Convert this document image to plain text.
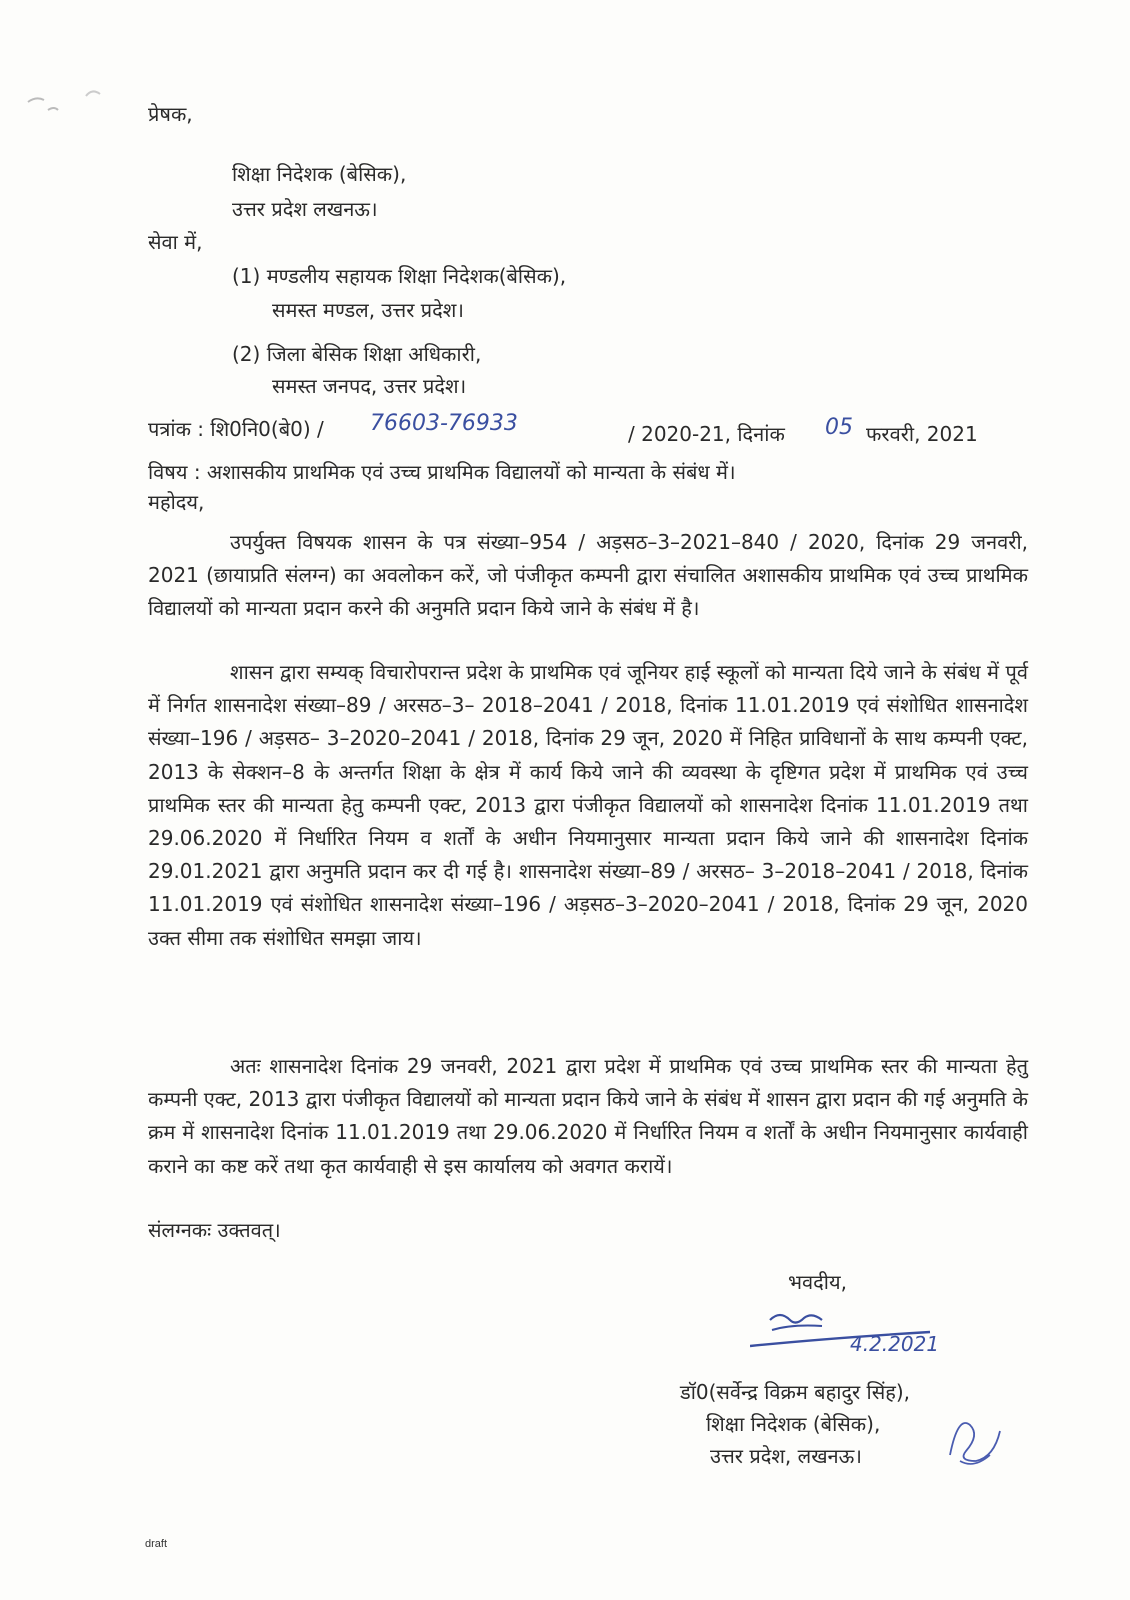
प्रेषक,
शिक्षा निदेशक (बेसिक),
उत्तर प्रदेश लखनऊ।
सेवा में,
(1) मण्डलीय सहायक शिक्षा निदेशक(बेसिक),
समस्त मण्डल, उत्तर प्रदेश।
(2) जिला बेसिक शिक्षा अधिकारी,
समस्त जनपद, उत्तर प्रदेश।
पत्रांक : शि0नि0(बे0) / 76603-76933	/ 2020-21, दिनांक 05 फरवरी, 2021
विषय : अशासकीय प्राथमिक एवं उच्च प्राथमिक विद्यालयों को मान्यता के संबंध में।
महोदय,
उपर्युक्त विषयक शासन के पत्र संख्या–954 / अड़सठ–3–2021–840 / 2020, दिनांक 29 जनवरी, 2021 (छायाप्रति संलग्न) का अवलोकन करें, जो पंजीकृत कम्पनी द्वारा संचालित अशासकीय प्राथमिक एवं उच्च प्राथमिक विद्यालयों को मान्यता प्रदान करने की अनुमति प्रदान किये जाने के संबंध में है।
शासन द्वारा सम्यक् विचारोपरान्त प्रदेश के प्राथमिक एवं जूनियर हाई स्कूलों को मान्यता दिये जाने के संबंध में पूर्व में निर्गत शासनादेश संख्या–89 / अरसठ–3– 2018–2041 / 2018, दिनांक 11.01.2019 एवं संशोधित शासनादेश संख्या–196 / अड़सठ– 3–2020–2041 / 2018, दिनांक 29 जून, 2020 में निहित प्राविधानों के साथ कम्पनी एक्ट, 2013 के सेक्शन–8 के अन्तर्गत शिक्षा के क्षेत्र में कार्य किये जाने की व्यवस्था के दृष्टिगत प्रदेश में प्राथमिक एवं उच्च प्राथमिक स्तर की मान्यता हेतु कम्पनी एक्ट, 2013 द्वारा पंजीकृत विद्यालयों को शासनादेश दिनांक 11.01.2019 तथा 29.06.2020 में निर्धारित नियम व शर्तों के अधीन नियमानुसार मान्यता प्रदान किये जाने की शासनादेश दिनांक 29.01.2021 द्वारा अनुमति प्रदान कर दी गई है। शासनादेश संख्या–89 / अरसठ– 3–2018–2041 / 2018, दिनांक 11.01.2019 एवं संशोधित शासनादेश संख्या–196 / अड़सठ–3–2020–2041 / 2018, दिनांक 29 जून, 2020 उक्त सीमा तक संशोधित समझा जाय।
अतः शासनादेश दिनांक 29 जनवरी, 2021 द्वारा प्रदेश में प्राथमिक एवं उच्च प्राथमिक स्तर की मान्यता हेतु कम्पनी एक्ट, 2013 द्वारा पंजीकृत विद्यालयों को मान्यता प्रदान किये जाने के संबंध में शासन द्वारा प्रदान की गई अनुमति के क्रम में शासनादेश दिनांक 11.01.2019 तथा 29.06.2020 में निर्धारित नियम व शर्तों के अधीन नियमानुसार कार्यवाही कराने का कष्ट करें तथा कृत कार्यवाही से इस कार्यालय को अवगत करायें।
संलग्नकः उक्तवत्।
भवदीय,
4.2.2021
डॉ0(सर्वेन्द्र विक्रम बहादुर सिंह),
शिक्षा निदेशक (बेसिक),
उत्तर प्रदेश, लखनऊ।
draft
